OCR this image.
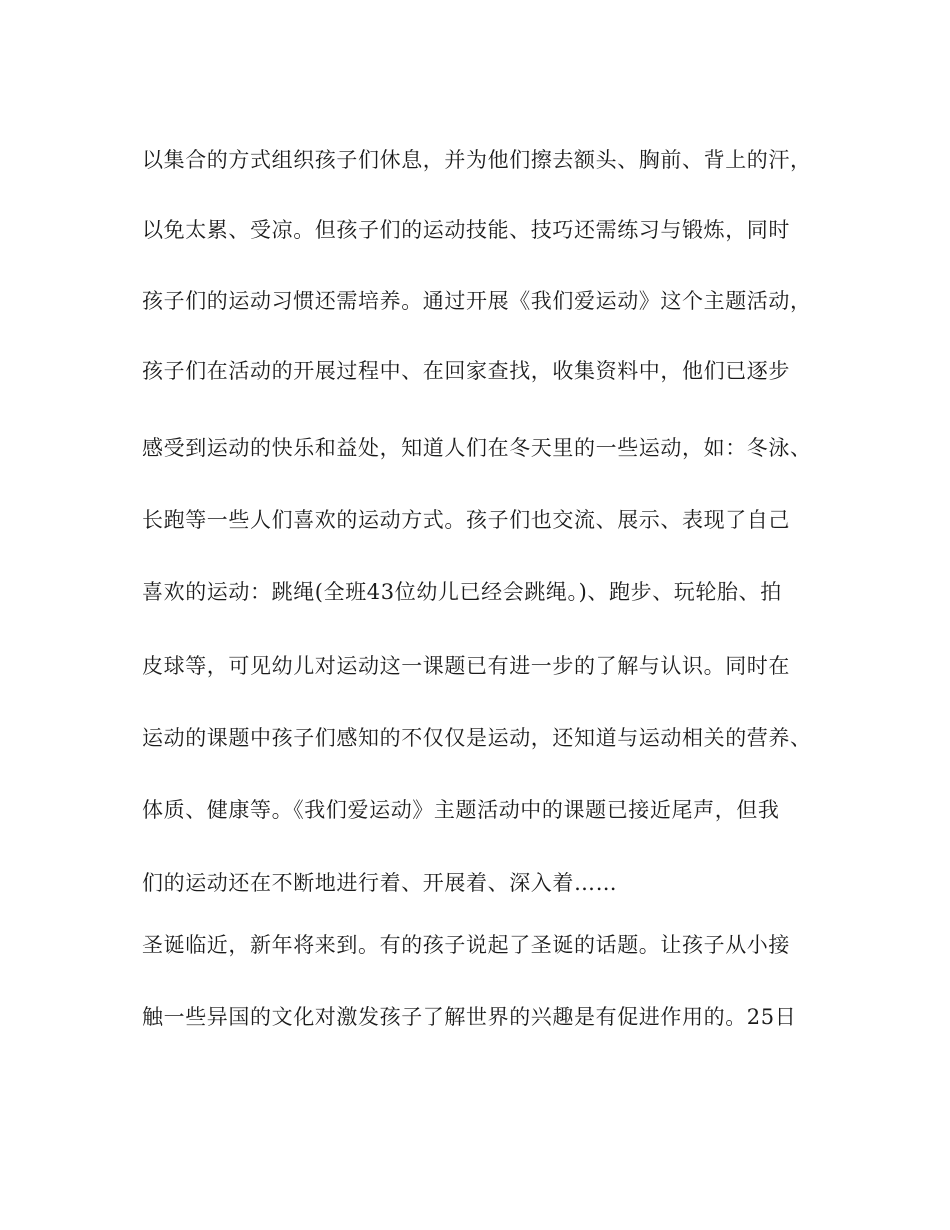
以集合的方式组织孩子们休息，并为他们擦去额头、胸前、背上的汗，
以免太累、受凉。但孩子们的运动技能、技巧还需练习与锻炼，同时
孩子们的运动习惯还需培养。通过开展《我们爱运动》这个主题活动，
孩子们在活动的开展过程中、在回家查找，收集资料中，他们已逐步
感受到运动的快乐和益处，知道人们在冬天里的一些运动，如：冬泳、
长跑等一些人们喜欢的运动方式。孩子们也交流、展示、表现了自己
喜欢的运动：跳绳(全班43位幼儿已经会跳绳。)、跑步、玩轮胎、拍
皮球等，可见幼儿对运动这一课题已有进一步的了解与认识。同时在
运动的课题中孩子们感知的不仅仅是运动，还知道与运动相关的营养、
体质、健康等。《我们爱运动》主题活动中的课题已接近尾声，但我
们的运动还在不断地进行着、开展着、深入着……
圣诞临近，新年将来到。有的孩子说起了圣诞的话题。让孩子从小接
触一些异国的文化对激发孩子了解世界的兴趣是有促进作用的。25日
